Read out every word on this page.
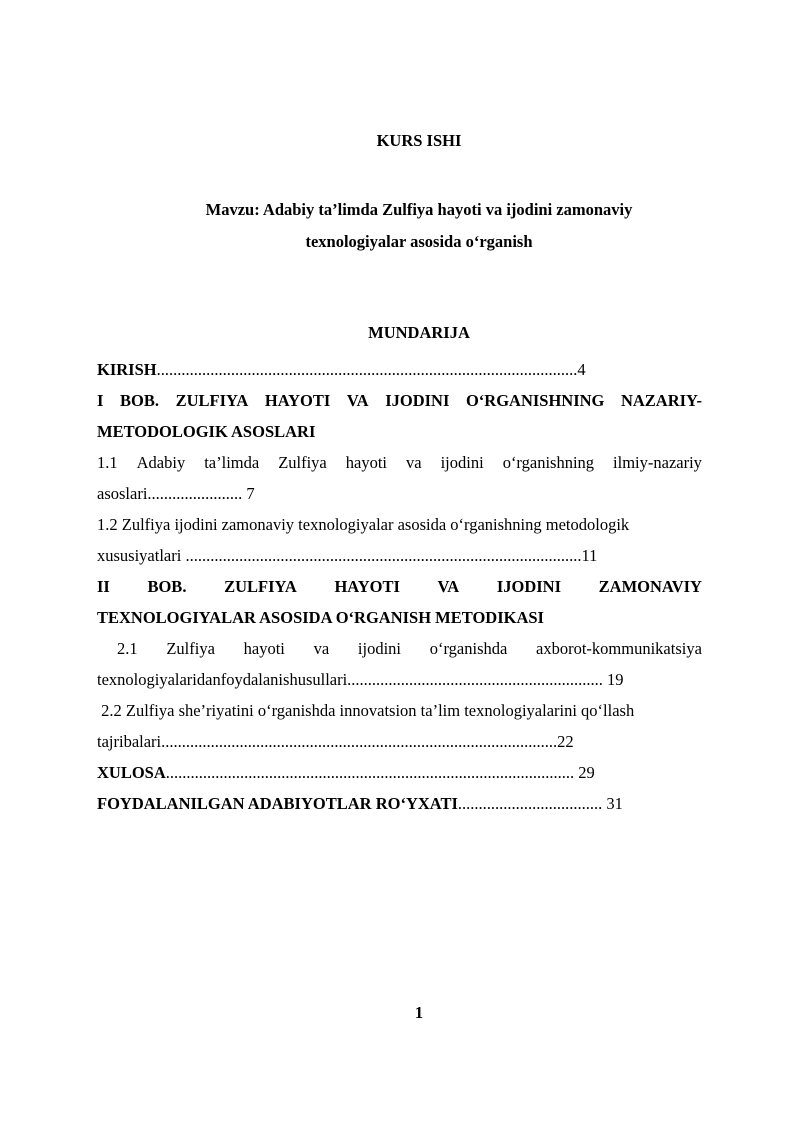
KURS ISHI
Mavzu: Adabiy ta’limda Zulfiya hayoti va ijodini zamonaviy
texnologiyalar asosida o‘rganish
MUNDARIJA
KIRISH......................................................................................................4
I BOB. ZULFIYA HAYOTI VA IJODINI O‘RGANISHNING NAZARIY-
METODOLOGIK ASOSLARI
1.1 Adabiy ta’limda Zulfiya hayoti va ijodini o‘rganishning ilmiy-nazariy
asoslari....................... 7
1.2 Zulfiya ijodini zamonaviy texnologiyalar asosida o‘rganishning metodologik
xususiyatlari ................................................................................................11
II BOB. ZULFIYA HAYOTI VA IJODINI ZAMONAVIY
TEXNOLOGIYALAR ASOSIDA O‘RGANISH METODIKASI
2.1 Zulfiya hayoti va ijodini o‘rganishda axborot-kommunikatsiya
texnologiyalaridanfoydalanishusullari.............................................................. 19
2.2 Zulfiya she’riyatini o‘rganishda innovatsion ta’lim texnologiyalarini qo‘llash
tajribalari................................................................................................22
XULOSA................................................................................................... 29
FOYDALANILGAN ADABIYOTLAR RO‘YXATI................................... 31
1
